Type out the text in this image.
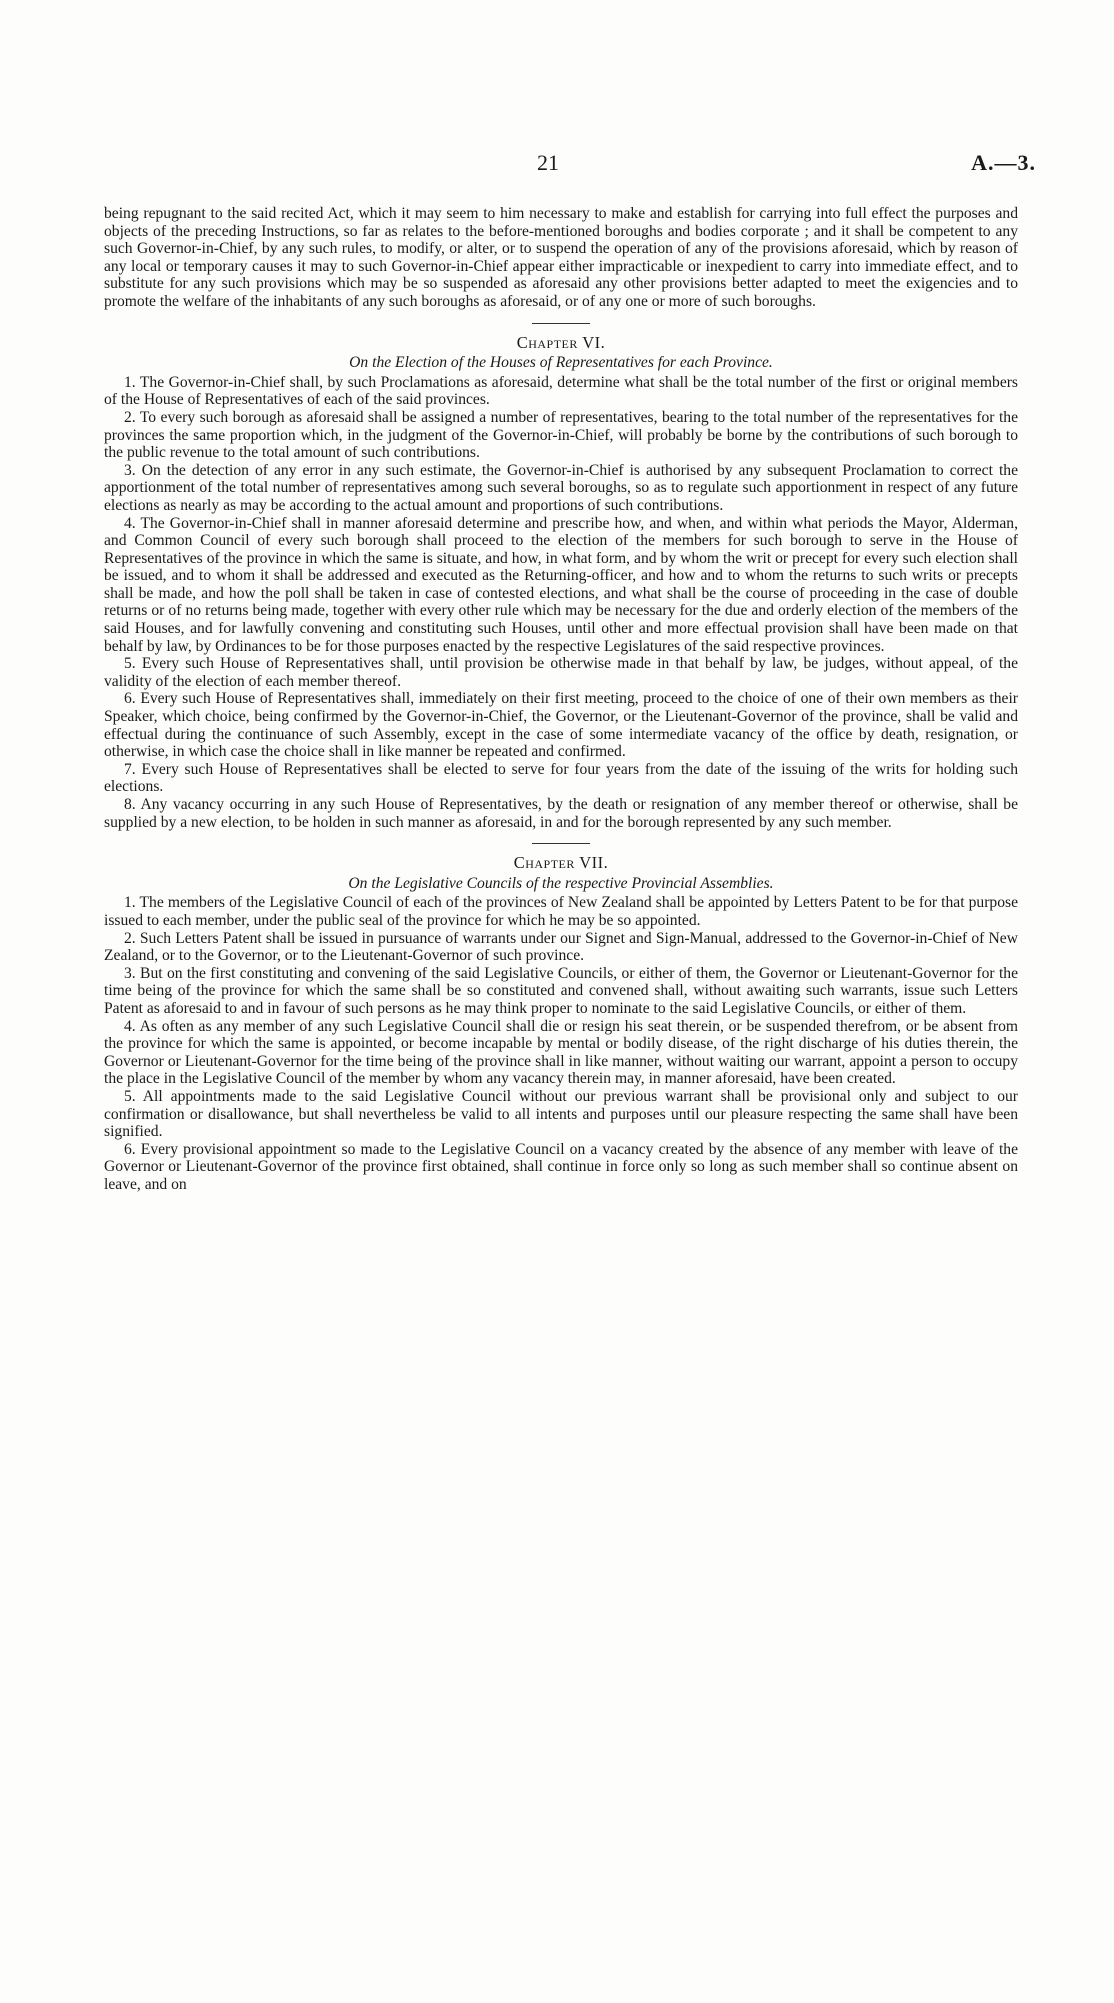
21	A.—3.

being repugnant to the said recited Act, which it may seem to him necessary to make and establish for carrying into full effect the purposes and objects of the preceding Instructions, so far as relates to the before-mentioned boroughs and bodies corporate ; and it shall be competent to any such Governor-in-Chief, by any such rules, to modify, or alter, or to suspend the operation of any of the provisions aforesaid, which by reason of any local or temporary causes it may to such Governor-in-Chief appear either impracticable or inexpedient to carry into immediate effect, and to substitute for any such provisions which may be so suspended as aforesaid any other provisions better adapted to meet the exigencies and to promote the welfare of the inhabitants of any such boroughs as aforesaid, or of any one or more of such boroughs.

Chapter VI.

On the Election of the Houses of Representatives for each Province.

1. The Governor-in-Chief shall, by such Proclamations as aforesaid, determine what shall be the total number of the first or original members of the House of Representatives of each of the said provinces.

2. To every such borough as aforesaid shall be assigned a number of representatives, bearing to the total number of the representatives for the provinces the same proportion which, in the judgment of the Governor-in-Chief, will probably be borne by the contributions of such borough to the public revenue to the total amount of such contributions.

3. On the detection of any error in any such estimate, the Governor-in-Chief is authorised by any subsequent Proclamation to correct the apportionment of the total number of representatives among such several boroughs, so as to regulate such apportionment in respect of any future elections as nearly as may be according to the actual amount and proportions of such contributions.

4. The Governor-in-Chief shall in manner aforesaid determine and prescribe how, and when, and within what periods the Mayor, Alderman, and Common Council of every such borough shall proceed to the election of the members for such borough to serve in the House of Representatives of the province in which the same is situate, and how, in what form, and by whom the writ or precept for every such election shall be issued, and to whom it shall be addressed and executed as the Returning-officer, and how and to whom the returns to such writs or precepts shall be made, and how the poll shall be taken in case of contested elections, and what shall be the course of proceeding in the case of double returns or of no returns being made, together with every other rule which may be necessary for the due and orderly election of the members of the said Houses, and for lawfully convening and constituting such Houses, until other and more effectual provision shall have been made on that behalf by law, by Ordinances to be for those purposes enacted by the respective Legislatures of the said respective provinces.

5. Every such House of Representatives shall, until provision be otherwise made in that behalf by law, be judges, without appeal, of the validity of the election of each member thereof.

6. Every such House of Representatives shall, immediately on their first meeting, proceed to the choice of one of their own members as their Speaker, which choice, being confirmed by the Governor-in-Chief, the Governor, or the Lieutenant-Governor of the province, shall be valid and effectual during the continuance of such Assembly, except in the case of some intermediate vacancy of the office by death, resignation, or otherwise, in which case the choice shall in like manner be repeated and confirmed.

7. Every such House of Representatives shall be elected to serve for four years from the date of the issuing of the writs for holding such elections.

8. Any vacancy occurring in any such House of Representatives, by the death or resignation of any member thereof or otherwise, shall be supplied by a new election, to be holden in such manner as aforesaid, in and for the borough represented by any such member.

Chapter VII.

On the Legislative Councils of the respective Provincial Assemblies.

1. The members of the Legislative Council of each of the provinces of New Zealand shall be appointed by Letters Patent to be for that purpose issued to each member, under the public seal of the province for which he may be so appointed.

2. Such Letters Patent shall be issued in pursuance of warrants under our Signet and Sign-Manual, addressed to the Governor-in-Chief of New Zealand, or to the Governor, or to the Lieutenant-Governor of such province.

3. But on the first constituting and convening of the said Legislative Councils, or either of them, the Governor or Lieutenant-Governor for the time being of the province for which the same shall be so constituted and convened shall, without awaiting such warrants, issue such Letters Patent as aforesaid to and in favour of such persons as he may think proper to nominate to the said Legislative Councils, or either of them.

4. As often as any member of any such Legislative Council shall die or resign his seat therein, or be suspended therefrom, or be absent from the province for which the same is appointed, or become incapable by mental or bodily disease, of the right discharge of his duties therein, the Governor or Lieutenant-Governor for the time being of the province shall in like manner, without waiting our warrant, appoint a person to occupy the place in the Legislative Council of the member by whom any vacancy therein may, in manner aforesaid, have been created.

5. All appointments made to the said Legislative Council without our previous warrant shall be provisional only and subject to our confirmation or disallowance, but shall nevertheless be valid to all intents and purposes until our pleasure respecting the same shall have been signified.

6. Every provisional appointment so made to the Legislative Council on a vacancy created by the absence of any member with leave of the Governor or Lieutenant-Governor of the province first obtained, shall continue in force only so long as such member shall so continue absent on leave, and on
